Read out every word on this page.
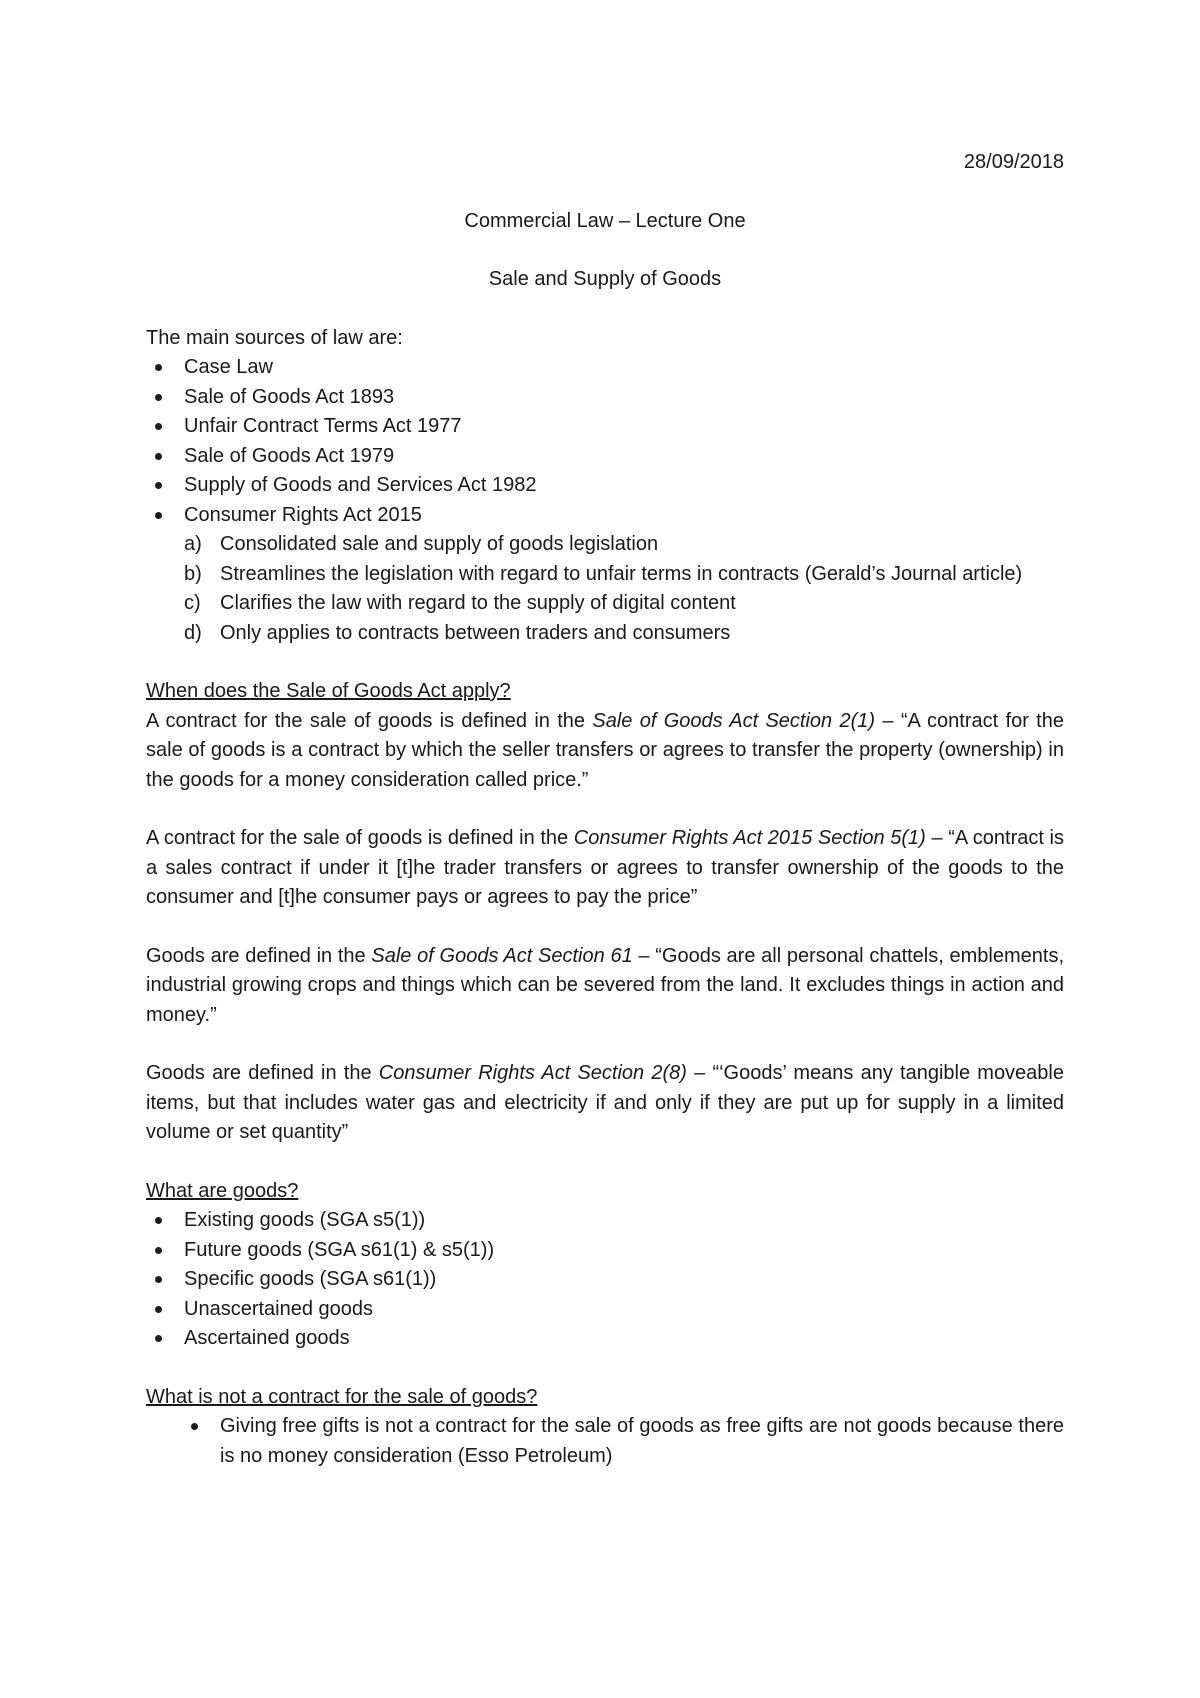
28/09/2018

Commercial Law – Lecture One

Sale and Supply of Goods

The main sources of law are:

Case Law
Sale of Goods Act 1893
Unfair Contract Terms Act 1977
Sale of Goods Act 1979
Supply of Goods and Services Act 1982
Consumer Rights Act 2015
a) Consolidated sale and supply of goods legislation
b) Streamlines the legislation with regard to unfair terms in contracts (Gerald’s Journal article)
c) Clarifies the law with regard to the supply of digital content
d) Only applies to contracts between traders and consumers

When does the Sale of Goods Act apply?

A contract for the sale of goods is defined in the Sale of Goods Act Section 2(1) – “A contract for the sale of goods is a contract by which the seller transfers or agrees to transfer the property (ownership) in the goods for a money consideration called price.”

A contract for the sale of goods is defined in the Consumer Rights Act 2015 Section 5(1) – “A contract is a sales contract if under it [t]he trader transfers or agrees to transfer ownership of the goods to the consumer and [t]he consumer pays or agrees to pay the price”

Goods are defined in the Sale of Goods Act Section 61 – “Goods are all personal chattels, emblements, industrial growing crops and things which can be severed from the land. It excludes things in action and money.”

Goods are defined in the Consumer Rights Act Section 2(8) – “‘Goods’ means any tangible moveable items, but that includes water gas and electricity if and only if they are put up for supply in a limited volume or set quantity”

What are goods?

Existing goods (SGA s5(1))
Future goods (SGA s61(1) & s5(1))
Specific goods (SGA s61(1))
Unascertained goods
Ascertained goods

What is not a contract for the sale of goods?

Giving free gifts is not a contract for the sale of goods as free gifts are not goods because there is no money consideration (Esso Petroleum)
